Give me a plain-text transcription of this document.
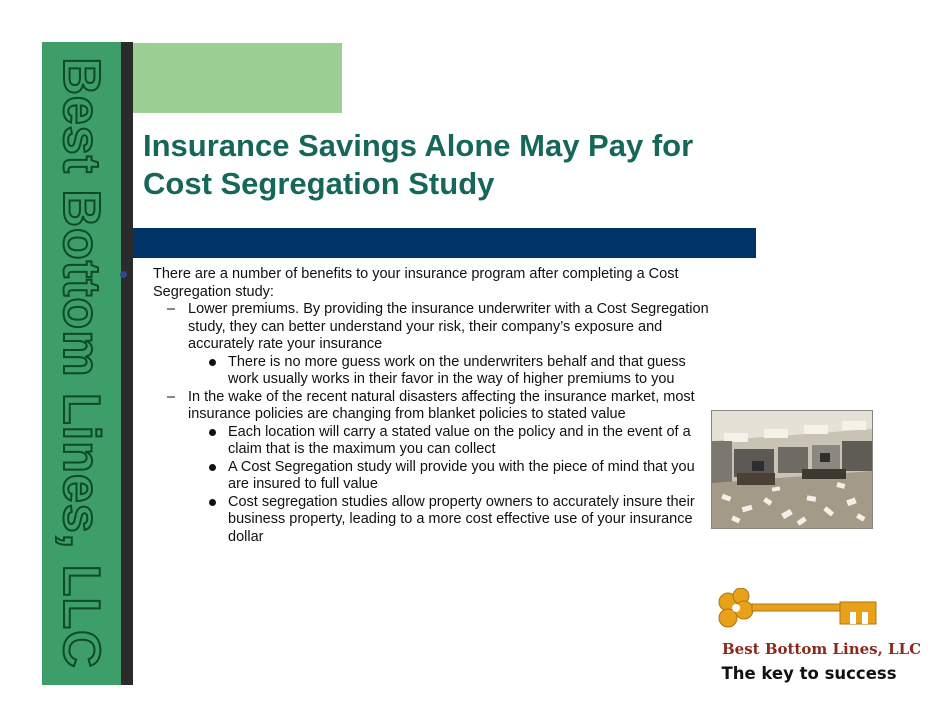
Best Bottom Lines, LLC Insurance Savings Alone May Pay for
Cost Segregation Study
There are a number of benefits to your insurance program after completing a Cost Segregation study:
– Lower premiums. By providing the insurance underwriter with a Cost Segregation study, they can better understand your risk, their company’s exposure and accurately rate your insurance
There is no more guess work on the underwriters behalf and that guess work usually works in their favor in the way of higher premiums to you
– In the wake of the recent natural disasters affecting the insurance market, most insurance policies are changing from blanket policies to stated value
Each location will carry a stated value on the policy and in the event of a claim that is the maximum you can collect
A Cost Segregation study will provide you with the piece of mind that you are insured to full value
Cost segregation studies allow property owners to accurately insure their business property, leading to a more cost effective use of your insurance dollar
Best Bottom Lines, LLC
The key to success
